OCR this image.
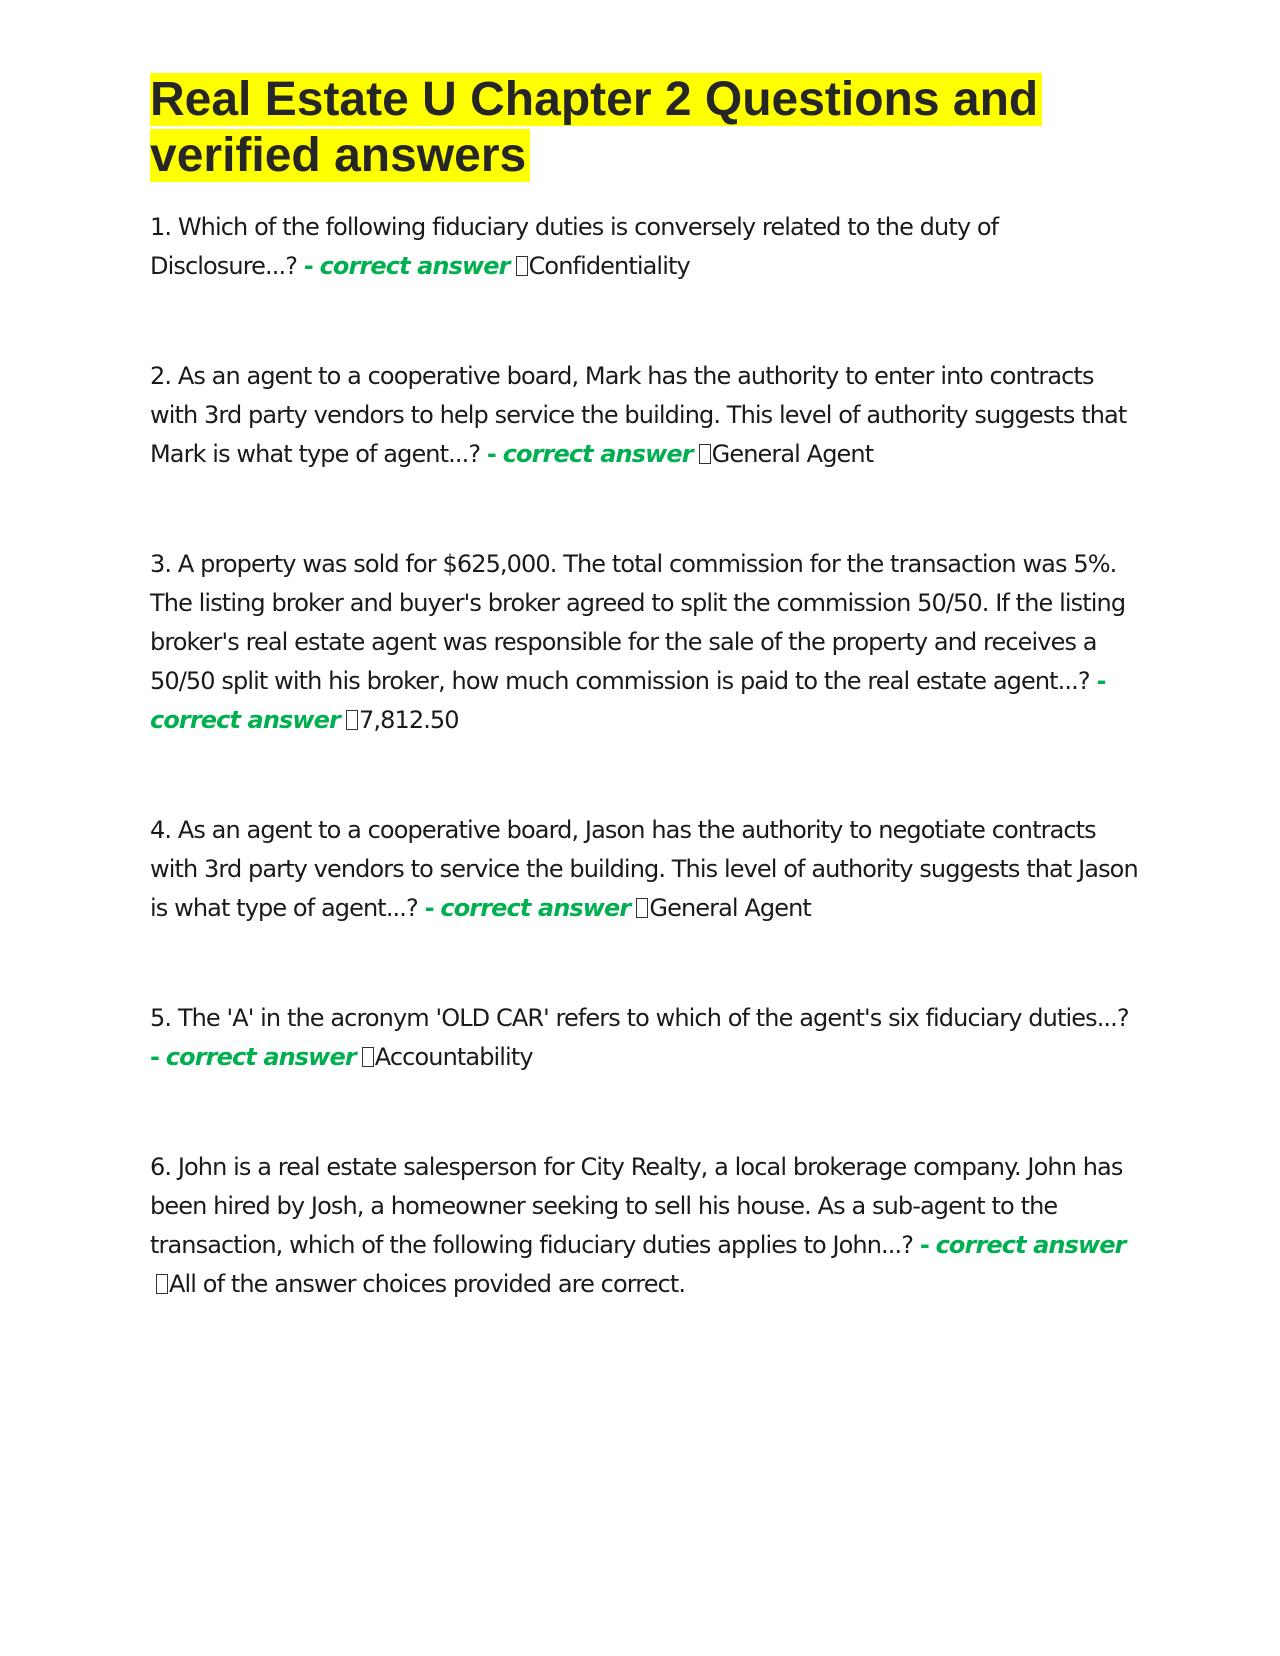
Real Estate U Chapter 2 Questions and verified answers

1. Which of the following fiduciary duties is conversely related to the duty of Disclosure...? - correct answer Confidentiality

2. As an agent to a cooperative board, Mark has the authority to enter into contracts with 3rd party vendors to help service the building. This level of authority suggests that Mark is what type of agent...? - correct answer General Agent

3. A property was sold for $625,000. The total commission for the transaction was 5%. The listing broker and buyer's broker agreed to split the commission 50/50. If the listing broker's real estate agent was responsible for the sale of the property and receives a 50/50 split with his broker, how much commission is paid to the real estate agent...? - correct answer 7,812.50

4. As an agent to a cooperative board, Jason has the authority to negotiate contracts with 3rd party vendors to service the building. This level of authority suggests that Jason is what type of agent...? - correct answer General Agent

5. The 'A' in the acronym 'OLD CAR' refers to which of the agent's six fiduciary duties...? - correct answer Accountability

6. John is a real estate salesperson for City Realty, a local brokerage company. John has been hired by Josh, a homeowner seeking to sell his house. As a sub-agent to the transaction, which of the following fiduciary duties applies to John...? - correct answerAll of the answer choices provided are correct.
